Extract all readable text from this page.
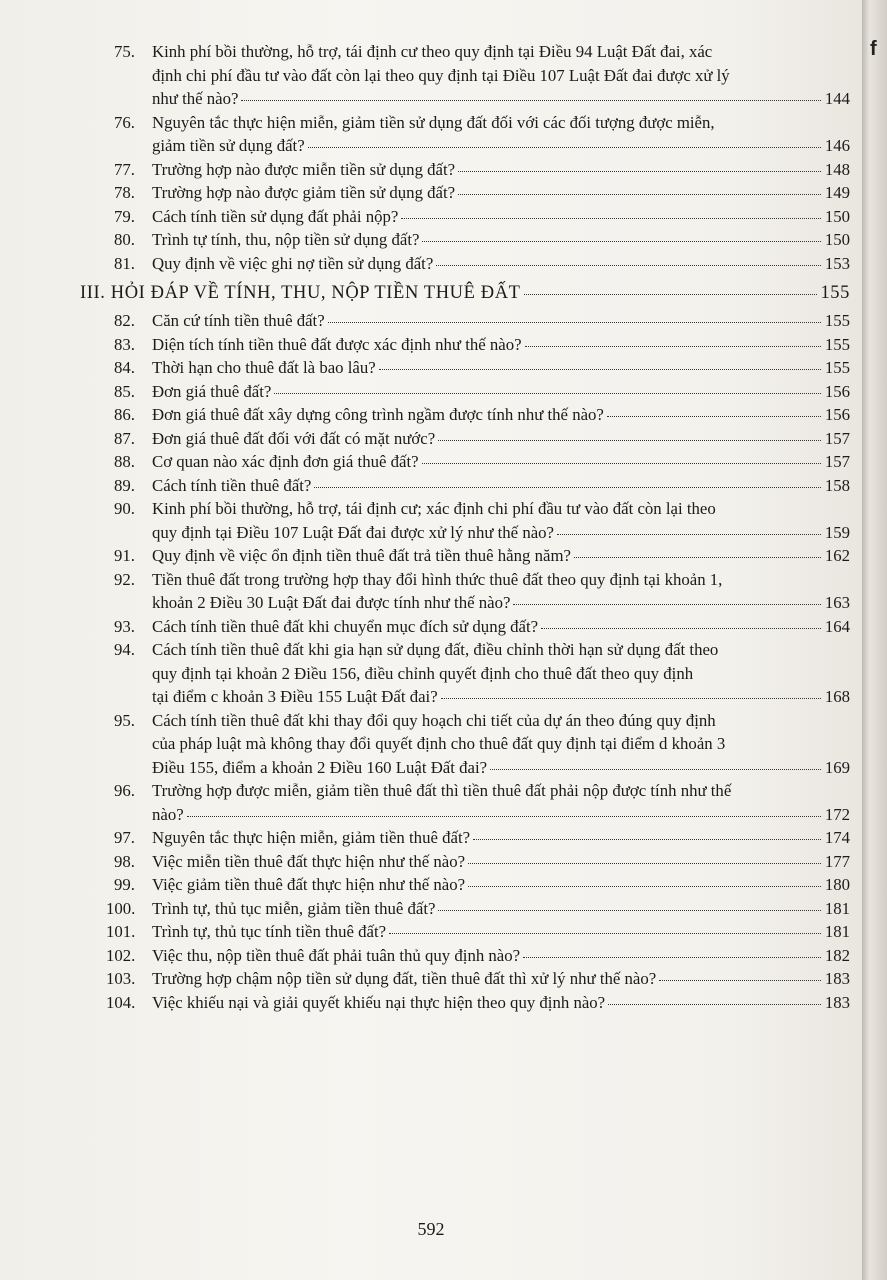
75.	Kinh phí bồi thường, hỗ trợ, tái định cư theo quy định tại Điều 94 Luật Đất đai, xác
định chi phí đầu tư vào đất còn lại theo quy định tại Điều 107 Luật Đất đai được xử lý
như thế nào?	144
76.	Nguyên tắc thực hiện miễn, giảm tiền sử dụng đất đối với các đối tượng được miễn,
giảm tiền sử dụng đất?	146
77.	Trường hợp nào được miễn tiền sử dụng đất?	148
78.	Trường hợp nào được giảm tiền sử dụng đất?	149
79.	Cách tính tiền sử dụng đất phải nộp?	150
80.	Trình tự tính, thu, nộp tiền sử dụng đất?	150
81.	Quy định về việc ghi nợ tiền sử dụng đất?	153
III. HỎI ĐÁP VỀ TÍNH, THU, NỘP TIỀN THUÊ ĐẤT	155
82.	Căn cứ tính tiền thuê đất?	155
83.	Diện tích tính tiền thuê đất được xác định như thế nào?	155
84.	Thời hạn cho thuê đất là bao lâu?	155
85.	Đơn giá thuê đất?	156
86.	Đơn giá thuê đất xây dựng công trình ngầm được tính như thế nào?	156
87.	Đơn giá thuê đất đối với đất có mặt nước?	157
88.	Cơ quan nào xác định đơn giá thuê đất?	157
89.	Cách tính tiền thuê đất?	158
90.	Kinh phí bồi thường, hỗ trợ, tái định cư; xác định chi phí đầu tư vào đất còn lại theo
quy định tại Điều 107 Luật Đất đai được xử lý như thế nào?	159
91.	Quy định về việc ổn định tiền thuê đất trả tiền thuê hằng năm?	162
92.	Tiền thuê đất trong trường hợp thay đổi hình thức thuê đất theo quy định tại khoản 1,
khoản 2 Điều 30 Luật Đất đai được tính như thế nào?	163
93.	Cách tính tiền thuê đất khi chuyển mục đích sử dụng đất?	164
94.	Cách tính tiền thuê đất khi gia hạn sử dụng đất, điều chỉnh thời hạn sử dụng đất theo
quy định tại khoản 2 Điều 156, điều chỉnh quyết định cho thuê đất theo quy định
tại điểm c khoản 3 Điều 155 Luật Đất đai?	168
95.	Cách tính tiền thuê đất khi thay đổi quy hoạch chi tiết của dự án theo đúng quy định
của pháp luật mà không thay đổi quyết định cho thuê đất quy định tại điểm d khoản 3
Điều 155, điểm a khoản 2 Điều 160 Luật Đất đai?	169
96.	Trường hợp được miễn, giảm tiền thuê đất thì tiền thuê đất phải nộp được tính như thế
nào?	172
97.	Nguyên tắc thực hiện miễn, giảm tiền thuê đất?	174
98.	Việc miễn tiền thuê đất thực hiện như thế nào?	177
99.	Việc giảm tiền thuê đất thực hiện như thế nào?	180
100. Trình tự, thủ tục miễn, giảm tiền thuê đất?	181
101. Trình tự, thủ tục tính tiền thuê đất?	181
102. Việc thu, nộp tiền thuê đất phải tuân thủ quy định nào?	182
103. Trường hợp chậm nộp tiền sử dụng đất, tiền thuê đất thì xử lý như thế nào?	183
104. Việc khiếu nại và giải quyết khiếu nại thực hiện theo quy định nào?	183
592
f
